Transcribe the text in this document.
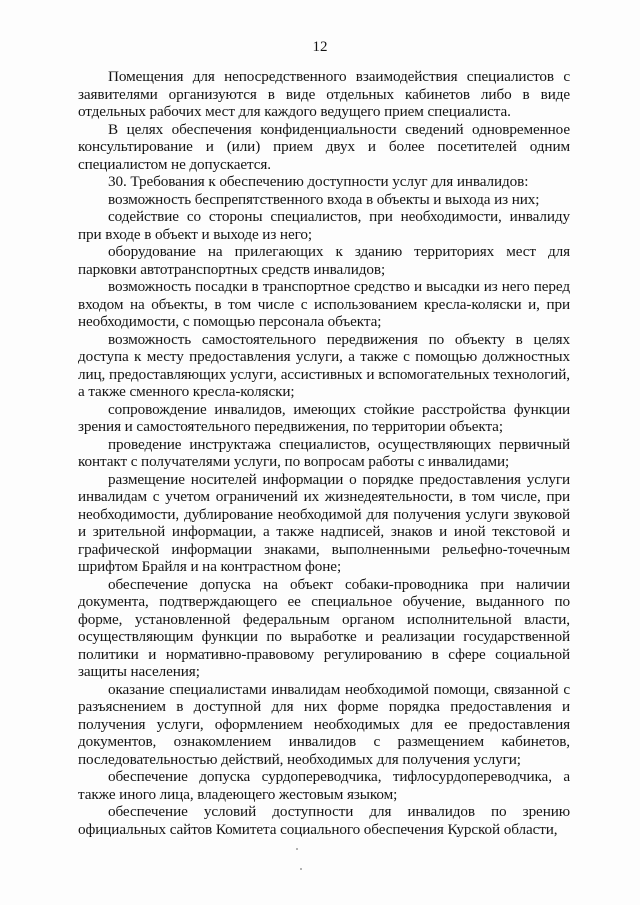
12

Помещения для непосредственного взаимодействия специалистов с заявителями организуются в виде отдельных кабинетов либо в виде отдельных рабочих мест для каждого ведущего прием специалиста.

В целях обеспечения конфиденциальности сведений одновременное консультирование и (или) прием двух и более посетителей одним специалистом не допускается.

30. Требования к обеспечению доступности услуг для инвалидов:

возможность беспрепятственного входа в объекты и выхода из них;

содействие со стороны специалистов, при необходимости, инвалиду при входе в объект и выходе из него;

оборудование на прилегающих к зданию территориях мест для парковки автотранспортных средств инвалидов;

возможность посадки в транспортное средство и высадки из него перед входом на объекты, в том числе с использованием кресла-коляски и, при необходимости, с помощью персонала объекта;

возможность самостоятельного передвижения по объекту в целях доступа к месту предоставления услуги, а также с помощью должностных лиц, предоставляющих услуги, ассистивных и вспомогательных технологий, а также сменного кресла-коляски;

сопровождение инвалидов, имеющих стойкие расстройства функции зрения и самостоятельного передвижения, по территории объекта;

проведение инструктажа специалистов, осуществляющих первичный контакт с получателями услуги, по вопросам работы с инвалидами;

размещение носителей информации о порядке предоставления услуги инвалидам с учетом ограничений их жизнедеятельности, в том числе, при необходимости, дублирование необходимой для получения услуги звуковой и зрительной информации, а также надписей, знаков и иной текстовой и графической информации знаками, выполненными рельефно-точечным шрифтом Брайля и на контрастном фоне;

обеспечение допуска на объект собаки-проводника при наличии документа, подтверждающего ее специальное обучение, выданного по форме, установленной федеральным органом исполнительной власти, осуществляющим функции по выработке и реализации государственной политики и нормативно-правовому регулированию в сфере социальной защиты населения;

оказание специалистами инвалидам необходимой помощи, связанной с разъяснением в доступной для них форме порядка предоставления и получения услуги, оформлением необходимых для ее предоставления документов, ознакомлением инвалидов с размещением кабинетов, последовательностью действий, необходимых для получения услуги;

обеспечение допуска сурдопереводчика, тифлосурдопереводчика, а также иного лица, владеющего жестовым языком;

обеспечение условий доступности для инвалидов по зрению официальных сайтов Комитета социального обеспечения Курской области,
